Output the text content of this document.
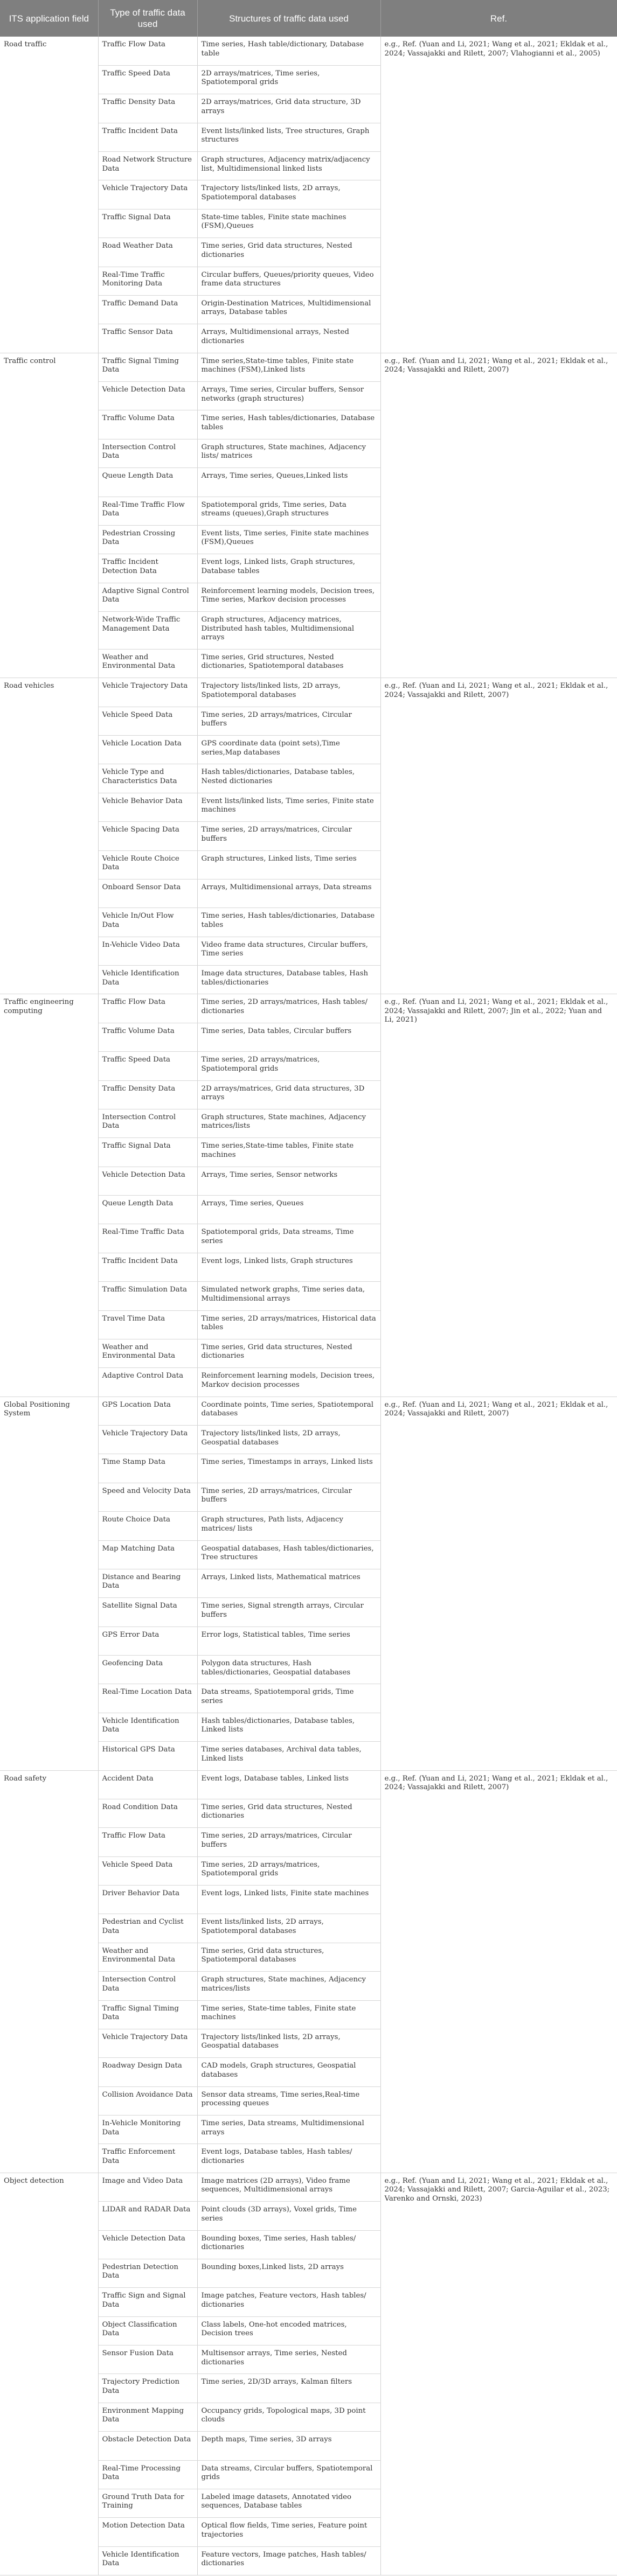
ITS application field	Type of traffic data used	Structures of traffic data used	Ref.
Road traffic	Traffic Flow Data	Time series, Hash table/dictionary, Database table	e.g., Ref. (Yuan and Li, 2021; Wang et al., 2021; Ekldak et al., 2024; Vassajakki and Rilett, 2007; Vlahogianni et al., 2005)
	Traffic Speed Data	2D arrays/matrices, Time series, Spatiotemporal grids	
	Traffic Density Data	2D arrays/matrices, Grid data structure, 3D arrays	
	Traffic Incident Data	Event lists/linked lists, Tree structures, Graph structures	
	Road Network Structure Data	Graph structures, Adjacency matrix/adjacency list, Multidimensional linked lists	
	Vehicle Trajectory Data	Trajectory lists/linked lists, 2D arrays, Spatiotemporal databases	
	Traffic Signal Data	State-time tables, Finite state machines (FSM),Queues	
	Road Weather Data	Time series, Grid data structures, Nested dictionaries	
	Real-Time Traffic Monitoring Data	Circular buffers, Queues/priority queues, Video frame data structures	
	Traffic Demand Data	Origin-Destination Matrices, Multidimensional arrays, Database tables	
	Traffic Sensor Data	Arrays, Multidimensional arrays, Nested dictionaries	
Traffic control	Traffic Signal Timing Data	Time series,State-time tables, Finite state machines (FSM),Linked lists	e.g., Ref. (Yuan and Li, 2021; Wang et al., 2021; Ekldak et al., 2024; Vassajakki and Rilett, 2007)
	Vehicle Detection Data	Arrays, Time series, Circular buffers, Sensor networks (graph structures)	
	Traffic Volume Data	Time series, Hash tables/dictionaries, Database tables	
	Intersection Control Data	Graph structures, State machines, Adjacency lists/ matrices	
	Queue Length Data	Arrays, Time series, Queues,Linked lists	
	Real-Time Traffic Flow Data	Spatiotemporal grids, Time series, Data streams (queues),Graph structures	
	Pedestrian Crossing Data	Event lists, Time series, Finite state machines (FSM),Queues	
	Traffic Incident Detection Data	Event logs, Linked lists, Graph structures, Database tables	
	Adaptive Signal Control Data	Reinforcement learning models, Decision trees, Time series, Markov decision processes	
	Network-Wide Traffic Management Data	Graph structures, Adjacency matrices, Distributed hash tables, Multidimensional arrays	
	Weather and Environmental Data	Time series, Grid structures, Nested dictionaries, Spatiotemporal databases	
Road vehicles	Vehicle Trajectory Data	Trajectory lists/linked lists, 2D arrays, Spatiotemporal databases	e.g., Ref. (Yuan and Li, 2021; Wang et al., 2021; Ekldak et al., 2024; Vassajakki and Rilett, 2007)
	Vehicle Speed Data	Time series, 2D arrays/matrices, Circular buffers	
	Vehicle Location Data	GPS coordinate data (point sets),Time series,Map databases	
	Vehicle Type and Characteristics Data	Hash tables/dictionaries, Database tables, Nested dictionaries	
	Vehicle Behavior Data	Event lists/linked lists, Time series, Finite state machines	
	Vehicle Spacing Data	Time series, 2D arrays/matrices, Circular buffers	
	Vehicle Route Choice Data	Graph structures, Linked lists, Time series	
	Onboard Sensor Data	Arrays, Multidimensional arrays, Data streams	
	Vehicle In/Out Flow Data	Time series, Hash tables/dictionaries, Database tables	
	In-Vehicle Video Data	Video frame data structures, Circular buffers, Time series	
	Vehicle Identification Data	Image data structures, Database tables, Hash tables/dictionaries	
Traffic engineering computing	Traffic Flow Data	Time series, 2D arrays/matrices, Hash tables/ dictionaries	e.g., Ref. (Yuan and Li, 2021; Wang et al., 2021; Ekldak et al., 2024; Vassajakki and Rilett, 2007; Jin et al., 2022; Yuan and Li, 2021)
	Traffic Volume Data	Time series, Data tables, Circular buffers	
	Traffic Speed Data	Time series, 2D arrays/matrices, Spatiotemporal grids	
	Traffic Density Data	2D arrays/matrices, Grid data structures, 3D arrays	
	Intersection Control Data	Graph structures, State machines, Adjacency matrices/lists	
	Traffic Signal Data	Time series,State-time tables, Finite state machines	
	Vehicle Detection Data	Arrays, Time series, Sensor networks	
	Queue Length Data	Arrays, Time series, Queues	
	Real-Time Traffic Data	Spatiotemporal grids, Data streams, Time series	
	Traffic Incident Data	Event logs, Linked lists, Graph structures	
	Traffic Simulation Data	Simulated network graphs, Time series data, Multidimensional arrays	
	Travel Time Data	Time series, 2D arrays/matrices, Historical data tables	
	Weather and Environmental Data	Time series, Grid data structures, Nested dictionaries	
	Adaptive Control Data	Reinforcement learning models, Decision trees, Markov decision processes	
Global Positioning System	GPS Location Data	Coordinate points, Time series, Spatiotemporal databases	e.g., Ref. (Yuan and Li, 2021; Wang et al., 2021; Ekldak et al., 2024; Vassajakki and Rilett, 2007)
	Vehicle Trajectory Data	Trajectory lists/linked lists, 2D arrays, Geospatial databases	
	Time Stamp Data	Time series, Timestamps in arrays, Linked lists	
	Speed and Velocity Data	Time series, 2D arrays/matrices, Circular buffers	
	Route Choice Data	Graph structures, Path lists, Adjacency matrices/ lists	
	Map Matching Data	Geospatial databases, Hash tables/dictionaries, Tree structures	
	Distance and Bearing Data	Arrays, Linked lists, Mathematical matrices	
	Satellite Signal Data	Time series, Signal strength arrays, Circular buffers	
	GPS Error Data	Error logs, Statistical tables, Time series	
	Geofencing Data	Polygon data structures, Hash tables/dictionaries, Geospatial databases	
	Real-Time Location Data	Data streams, Spatiotemporal grids, Time series	
	Vehicle Identification Data	Hash tables/dictionaries, Database tables, Linked lists	
	Historical GPS Data	Time series databases, Archival data tables, Linked lists	
Road safety	Accident Data	Event logs, Database tables, Linked lists	e.g., Ref. (Yuan and Li, 2021; Wang et al., 2021; Ekldak et al., 2024; Vassajakki and Rilett, 2007)
	Road Condition Data	Time series, Grid data structures, Nested dictionaries	
	Traffic Flow Data	Time series, 2D arrays/matrices, Circular buffers	
	Vehicle Speed Data	Time series, 2D arrays/matrices, Spatiotemporal grids	
	Driver Behavior Data	Event logs, Linked lists, Finite state machines	
	Pedestrian and Cyclist Data	Event lists/linked lists, 2D arrays, Spatiotemporal databases	
	Weather and Environmental Data	Time series, Grid data structures, Spatiotemporal databases	
	Intersection Control Data	Graph structures, State machines, Adjacency matrices/lists	
	Traffic Signal Timing Data	Time series, State-time tables, Finite state machines	
	Vehicle Trajectory Data	Trajectory lists/linked lists, 2D arrays, Geospatial databases	
	Roadway Design Data	CAD models, Graph structures, Geospatial databases	
	Collision Avoidance Data	Sensor data streams, Time series,Real-time processing queues	
	In-Vehicle Monitoring Data	Time series, Data streams, Multidimensional arrays	
	Traffic Enforcement Data	Event logs, Database tables, Hash tables/ dictionaries	
Object detection	Image and Video Data	Image matrices (2D arrays), Video frame sequences, Multidimensional arrays	e.g., Ref. (Yuan and Li, 2021; Wang et al., 2021; Ekldak et al., 2024; Vassajakki and Rilett, 2007; Garcia-Aguilar et al., 2023; Varenko and Ornski, 2023)
	LIDAR and RADAR Data	Point clouds (3D arrays), Voxel grids, Time series	
	Vehicle Detection Data	Bounding boxes, Time series, Hash tables/ dictionaries	
	Pedestrian Detection Data	Bounding boxes,Linked lists, 2D arrays	
	Traffic Sign and Signal Data	Image patches, Feature vectors, Hash tables/ dictionaries	
	Object Classification Data	Class labels, One-hot encoded matrices, Decision trees	
	Sensor Fusion Data	Multisensor arrays, Time series, Nested dictionaries	
	Trajectory Prediction Data	Time series, 2D/3D arrays, Kalman filters	
	Environment Mapping Data	Occupancy grids, Topological maps, 3D point clouds	
	Obstacle Detection Data	Depth maps, Time series, 3D arrays	
	Real-Time Processing Data	Data streams, Circular buffers, Spatiotemporal grids	
	Ground Truth Data for Training	Labeled image datasets, Annotated video sequences, Database tables	
	Motion Detection Data	Optical flow fields, Time series, Feature point trajectories	
	Vehicle Identification Data	Feature vectors, Image patches, Hash tables/ dictionaries	
